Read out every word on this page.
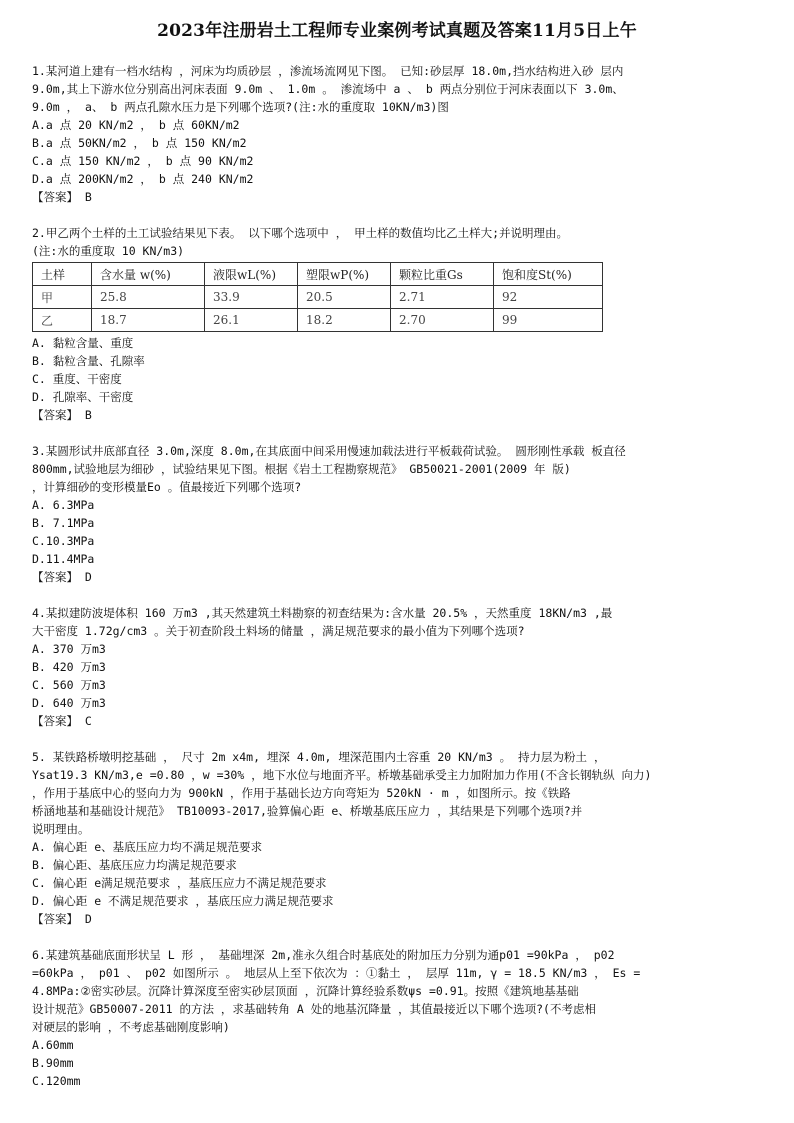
2023年注册岩土工程师专业案例考试真题及答案11月5日上午
1.某河道上建有一档水结构 ，河床为均质砂层 ，渗流场流网见下图。 已知:砂层厚 18.0m,挡水结构进入砂 层内
9.0m,其上下游水位分别高出河床表面 9.0m 、 1.0m 。 渗流场中 a 、 b 两点分别位于河床表面以下 3.0m、
9.0m ， a、 b 两点孔隙水压力是下列哪个选项?(注:水的重度取 10KN/m3)图
A.a 点 20 KN/m2 ， b 点 60KN/m2
B.a 点 50KN/m2 ， b 点 150 KN/m2
C.a 点 150 KN/m2 ， b 点 90 KN/m2
D.a 点 200KN/m2 ， b 点 240 KN/m2
【答案】 B
2.甲乙两个土样的土工试验结果见下表。 以下哪个选项中 ， 甲土样的数值均比乙土样大;并说明理由。
(注:水的重度取 10 KN/m3)
土样	含水量 w(%)	液限wL(%)	塑限wP(%)	颗粒比重Gs	饱和度St(%)
甲	25.8	33.9	20.5	2.71	92
乙	18.7	26.1	18.2	2.70	99
A. 黏粒含量、重度
B. 黏粒含量、孔隙率
C. 重度、干密度
D. 孔隙率、干密度
【答案】 B
3.某圆形试井底部直径 3.0m,深度 8.0m,在其底面中间采用慢速加载法进行平板载荷试验。 圆形刚性承载 板直径
800mm,试验地层为细砂 ，试验结果见下图。根据《岩土工程勘察规范》 GB50021-2001(2009 年 版)
，计算细砂的变形模量Eo 。值最接近下列哪个选项?
A. 6.3MPa
B. 7.1MPa
C.10.3MPa
D.11.4MPa
【答案】 D
4.某拟建防波堤体积 160 万m3 ,其天然建筑土料勘察的初查结果为:含水量 20.5% ，天然重度 18KN/m3 ,最
大干密度 1.72g/cm3 。关于初查阶段土料场的储量 ，满足规范要求的最小值为下列哪个选项?
A. 370 万m3
B. 420 万m3
C. 560 万m3
D. 640 万m3
【答案】 C
5. 某铁路桥墩明挖基础 ， 尺寸 2m x4m, 埋深 4.0m, 埋深范围内土容重 20 KN/m3 。 持力层为粉土 ，
Ysat19.3 KN/m3,e =0.80 ，w =30% ，地下水位与地面齐平。桥墩基础承受主力加附加力作用(不含长钢轨纵 向力)
，作用于基底中心的竖向力为 900kN ，作用于基础长边方向弯矩为 520kN · m ，如图所示。按《铁路
桥涵地基和基础设计规范》 TB10093-2017,验算偏心距 e、桥墩基底压应力 ，其结果是下列哪个选项?并
说明理由。
A. 偏心距 e、基底压应力均不满足规范要求
B. 偏心距、基底压应力均满足规范要求
C. 偏心距 e满足规范要求 ，基底压应力不满足规范要求
D. 偏心距 e 不满足规范要求 ，基底压应力满足规范要求
【答案】 D
6.某建筑基础底面形状呈 L 形 ， 基础埋深 2m,准永久组合时基底处的附加压力分别为通p01 =90kPa ， p02
=60kPa ， p01 、 p02 如图所示 。 地层从上至下依次为 ：①黏土 ， 层厚 11m, γ = 18.5 KN/m3 ， Es =
4.8MPa:②密实砂层。沉降计算深度至密实砂层顶面 ，沉降计算经验系数ψs =0.91。按照《建筑地基基础
设计规范》GB50007-2011 的方法 ，求基础转角 A 处的地基沉降量 ，其值最接近以下哪个选项?(不考虑相
对硬层的影响 ，不考虑基础刚度影响)
A.60mm
B.90mm
C.120mm
